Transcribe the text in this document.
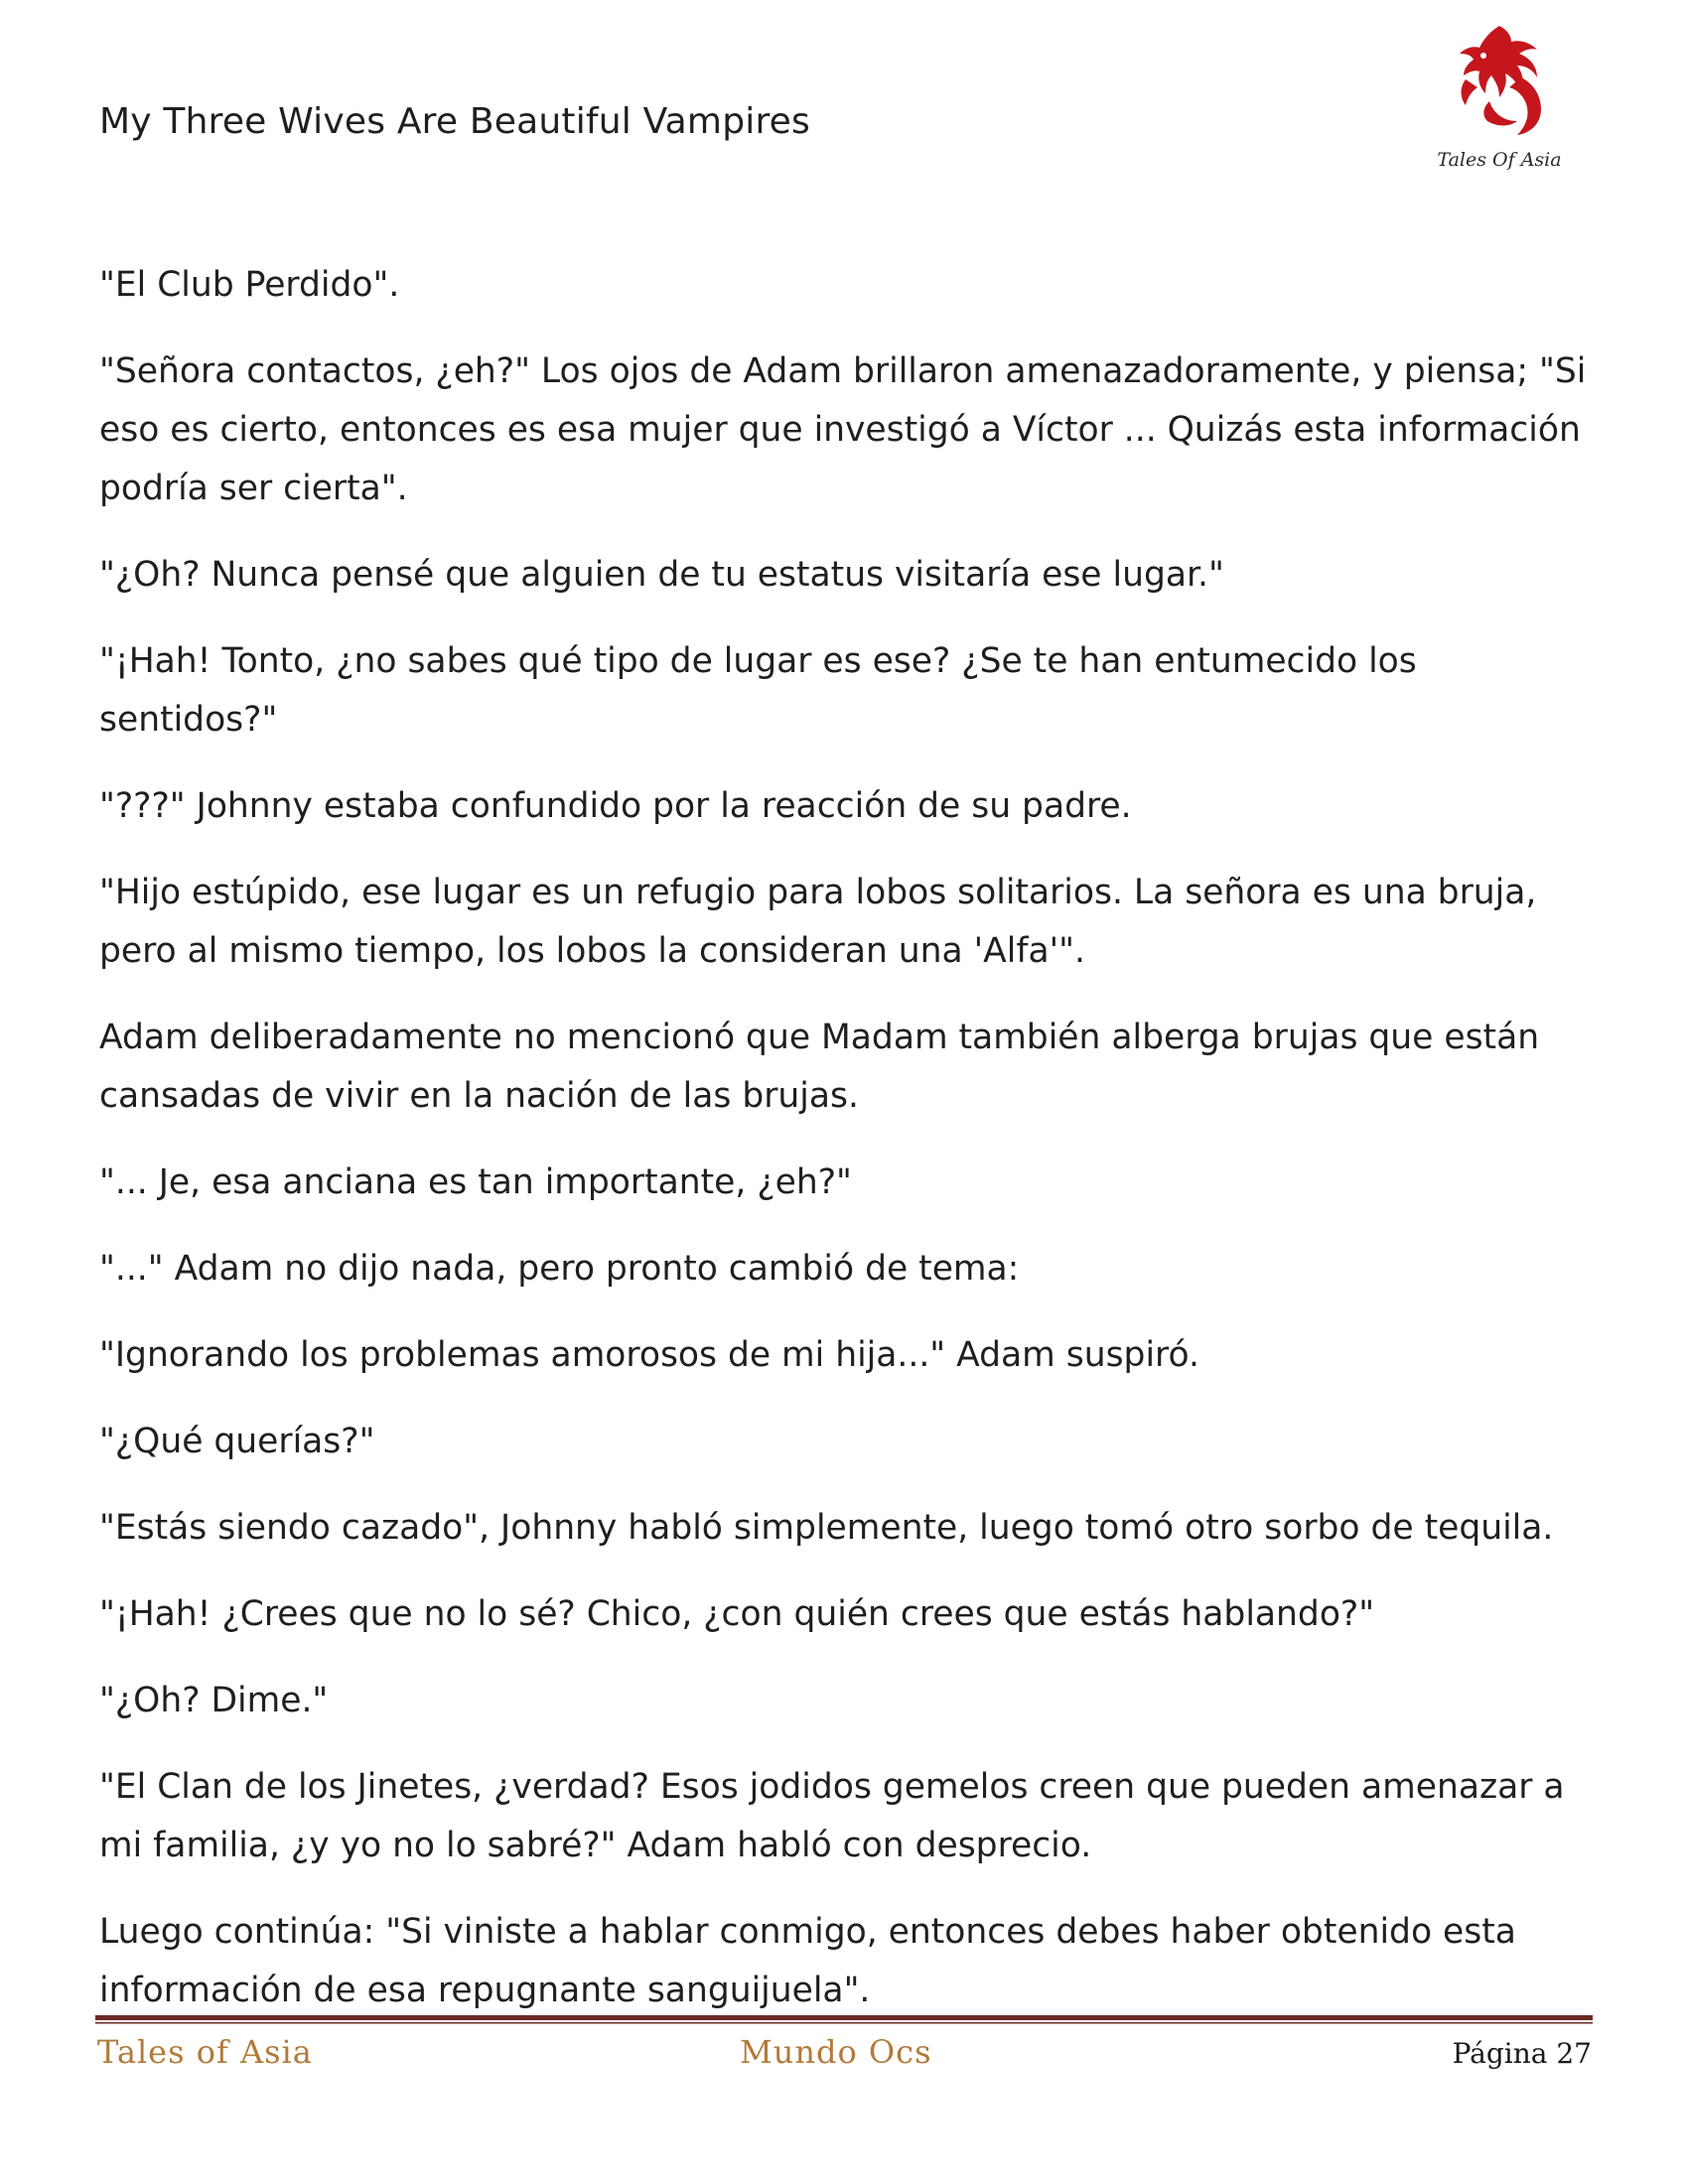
My Three Wives Are Beautiful Vampires
Tales Of Asia

"El Club Perdido".

"Señora contactos, ¿eh?" Los ojos de Adam brillaron amenazadoramente, y piensa; "Si eso es cierto, entonces es esa mujer que investigó a Víctor ... Quizás esta información podría ser cierta".

"¿Oh? Nunca pensé que alguien de tu estatus visitaría ese lugar."

"¡Hah! Tonto, ¿no sabes qué tipo de lugar es ese? ¿Se te han entumecido los sentidos?"

"???" Johnny estaba confundido por la reacción de su padre.

"Hijo estúpido, ese lugar es un refugio para lobos solitarios. La señora es una bruja, pero al mismo tiempo, los lobos la consideran una 'Alfa'".

Adam deliberadamente no mencionó que Madam también alberga brujas que están cansadas de vivir en la nación de las brujas.

"... Je, esa anciana es tan importante, ¿eh?"

"..." Adam no dijo nada, pero pronto cambió de tema:

"Ignorando los problemas amorosos de mi hija..." Adam suspiró.

"¿Qué querías?"

"Estás siendo cazado", Johnny habló simplemente, luego tomó otro sorbo de tequila.

"¡Hah! ¿Crees que no lo sé? Chico, ¿con quién crees que estás hablando?"

"¿Oh? Dime."

"El Clan de los Jinetes, ¿verdad? Esos jodidos gemelos creen que pueden amenazar a mi familia, ¿y yo no lo sabré?" Adam habló con desprecio.

Luego continúa: "Si viniste a hablar conmigo, entonces debes haber obtenido esta información de esa repugnante sanguijuela".

Tales of Asia	Mundo Ocs	Página 27
